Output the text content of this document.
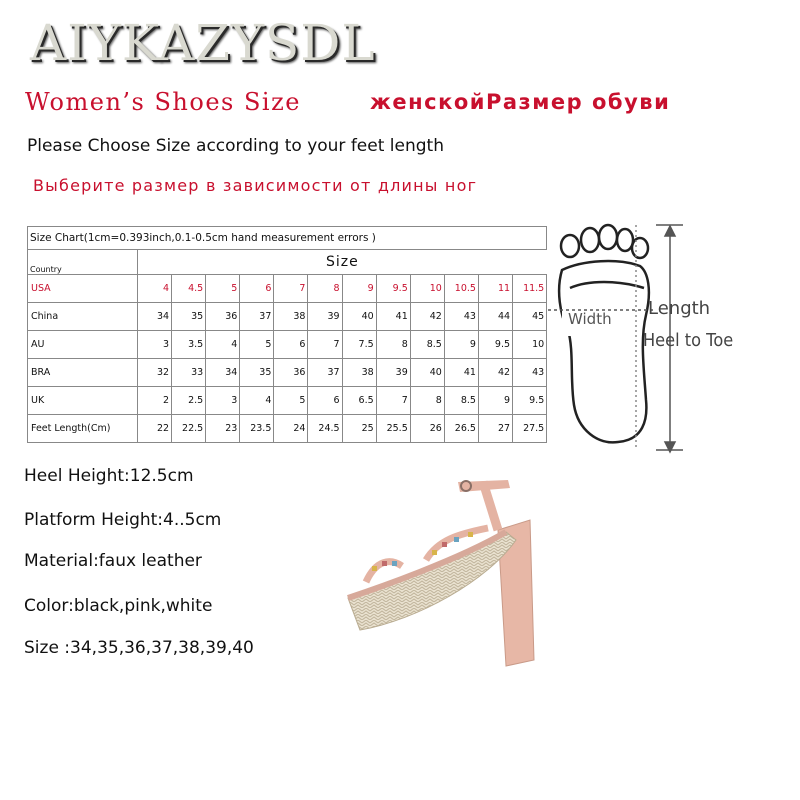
AIYKAZYSDL
Women’s Shoes Size	женскойРазмер обуви
Please Choose Size according to your feet length
Выберите размер в зависимости от длины ног
Size Chart(1cm=0.393inch,0.1-0.5cm hand measurement errors )												
Country	Size											
USA	4	4.5	5	6	7	8	9	9.5	10	10.5	11	11.5
China	34	35	36	37	38	39	40	41	42	43	44	45
AU	3	3.5	4	5	6	7	7.5	8	8.5	9	9.5	10
BRA	32	33	34	35	36	37	38	39	40	41	42	43
UK	2	2.5	3	4	5	6	6.5	7	8	8.5	9	9.5
Feet Length(Cm)	22	22.5	23	23.5	24	24.5	25	25.5	26	26.5	27	27.5
Width Length
Heel to Toe
Heel Height:12.5cm
Platform Height:4..5cm
Material:faux leather
Color:black,pink,white
Size :34,35,36,37,38,39,40
